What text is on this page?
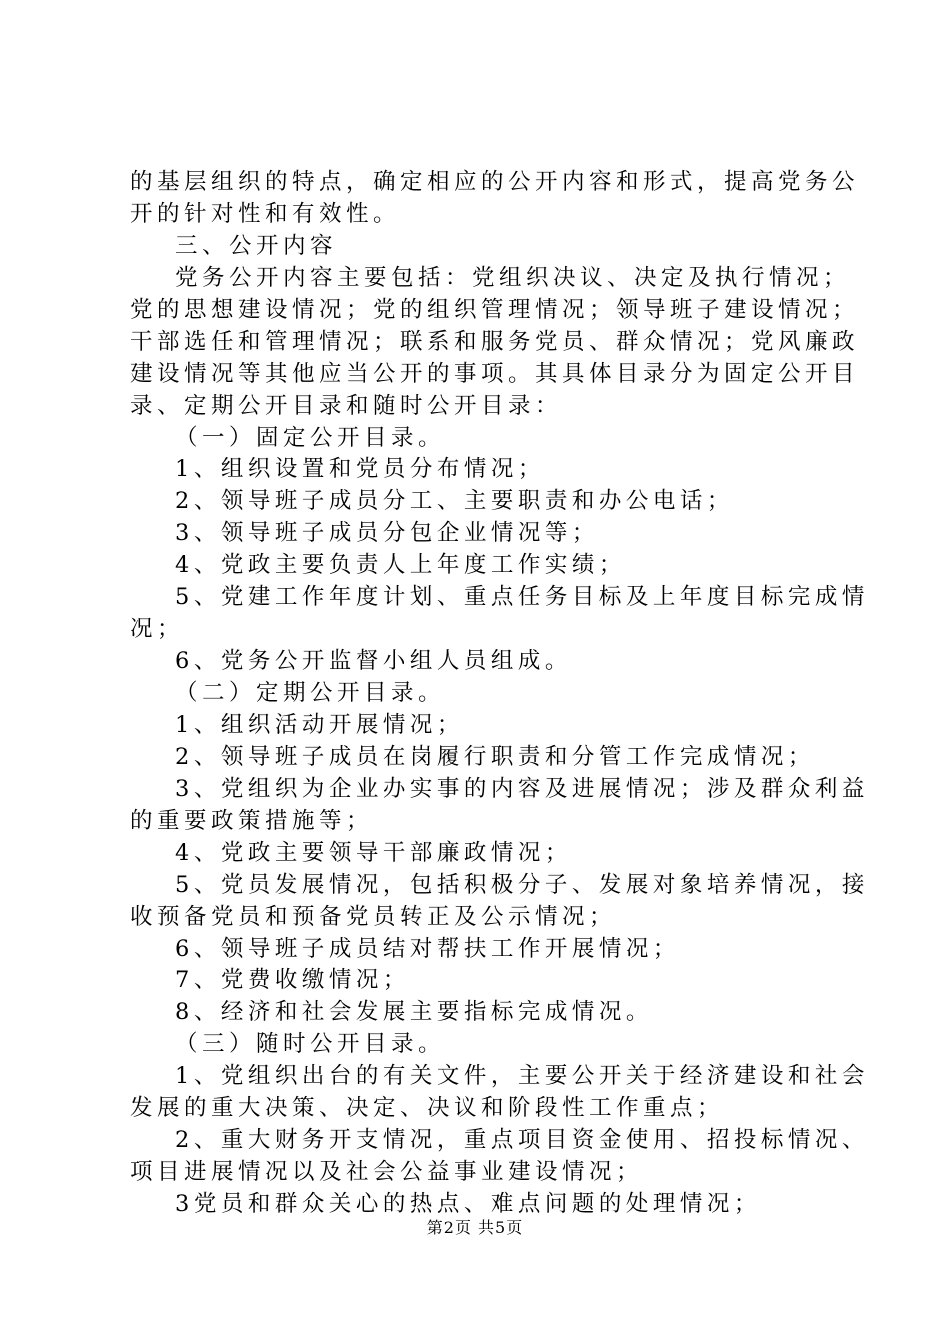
的基层组织的特点，确定相应的公开内容和形式，提高党务公
开的针对性和有效性。
三、公开内容
党务公开内容主要包括：党组织决议、决定及执行情况；
党的思想建设情况；党的组织管理情况；领导班子建设情况；
干部选任和管理情况；联系和服务党员、群众情况；党风廉政
建设情况等其他应当公开的事项。其具体目录分为固定公开目
录、定期公开目录和随时公开目录：
（一）固定公开目录。
1、组织设置和党员分布情况；
2、领导班子成员分工、主要职责和办公电话；
3、领导班子成员分包企业情况等；
4、党政主要负责人上年度工作实绩；
5、党建工作年度计划、重点任务目标及上年度目标完成情
况；
6、党务公开监督小组人员组成。
（二）定期公开目录。
1、组织活动开展情况；
2、领导班子成员在岗履行职责和分管工作完成情况；
3、党组织为企业办实事的内容及进展情况；涉及群众利益
的重要政策措施等；
4、党政主要领导干部廉政情况；
5、党员发展情况，包括积极分子、发展对象培养情况，接
收预备党员和预备党员转正及公示情况；
6、领导班子成员结对帮扶工作开展情况；
7、党费收缴情况；
8、经济和社会发展主要指标完成情况。
（三）随时公开目录。
1、党组织出台的有关文件，主要公开关于经济建设和社会
发展的重大决策、决定、决议和阶段性工作重点；
2、重大财务开支情况，重点项目资金使用、招投标情况、
项目进展情况以及社会公益事业建设情况；
3党员和群众关心的热点、难点问题的处理情况；
第2页 共5页
